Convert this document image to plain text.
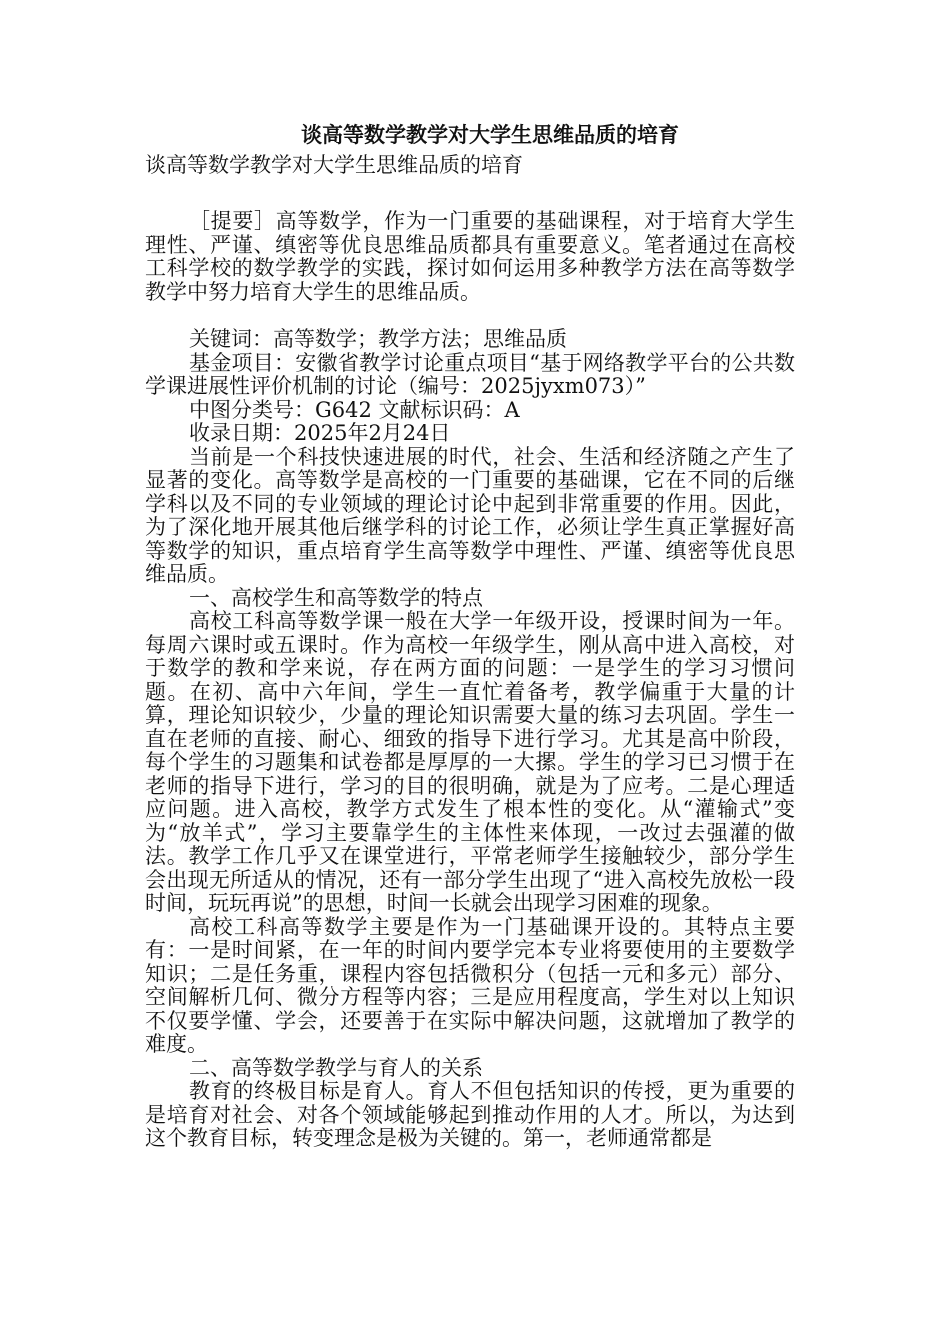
谈高等数学教学对大学生思维品质的培育

谈高等数学教学对大学生思维品质的培育

［提要］高等数学，作为一门重要的基础课程，对于培育大学生理性、严谨、缜密等优良思维品质都具有重要意义。笔者通过在高校工科学校的数学教学的实践，探讨如何运用多种教学方法在高等数学教学中努力培育大学生的思维品质。

关键词：高等数学；教学方法；思维品质

基金项目：安徽省教学讨论重点项目“基于网络教学平台的公共数学课进展性评价机制的讨论（编号：2025jyxm073）”

中图分类号：G642 文献标识码：A

收录日期：2025年2月24日

当前是一个科技快速进展的时代，社会、生活和经济随之产生了显著的变化。高等数学是高校的一门重要的基础课，它在不同的后继学科以及不同的专业领域的理论讨论中起到非常重要的作用。因此，为了深化地开展其他后继学科的讨论工作，必须让学生真正掌握好高等数学的知识，重点培育学生高等数学中理性、严谨、缜密等优良思维品质。

一、高校学生和高等数学的特点

高校工科高等数学课一般在大学一年级开设，授课时间为一年。每周六课时或五课时。作为高校一年级学生，刚从高中进入高校，对于数学的教和学来说，存在两方面的问题：一是学生的学习习惯问题。在初、高中六年间，学生一直忙着备考，教学偏重于大量的计算，理论知识较少，少量的理论知识需要大量的练习去巩固。学生一直在老师的直接、耐心、细致的指导下进行学习。尤其是高中阶段，每个学生的习题集和试卷都是厚厚的一大摞。学生的学习已习惯于在老师的指导下进行，学习的目的很明确，就是为了应考。二是心理适应问题。进入高校，教学方式发生了根本性的变化。从“灌输式”变为“放羊式”，学习主要靠学生的主体性来体现，一改过去强灌的做法。教学工作几乎又在课堂进行，平常老师学生接触较少，部分学生会出现无所适从的情况，还有一部分学生出现了“进入高校先放松一段时间，玩玩再说”的思想，时间一长就会出现学习困难的现象。

高校工科高等数学主要是作为一门基础课开设的。其特点主要有：一是时间紧，在一年的时间内要学完本专业将要使用的主要数学知识；二是任务重，课程内容包括微积分（包括一元和多元）部分、空间解析几何、微分方程等内容；三是应用程度高，学生对以上知识不仅要学懂、学会，还要善于在实际中解决问题，这就增加了教学的难度。

二、高等数学教学与育人的关系

教育的终极目标是育人。育人不但包括知识的传授，更为重要的是培育对社会、对各个领域能够起到推动作用的人才。所以，为达到这个教育目标，转变理念是极为关键的。第一，老师通常都是
